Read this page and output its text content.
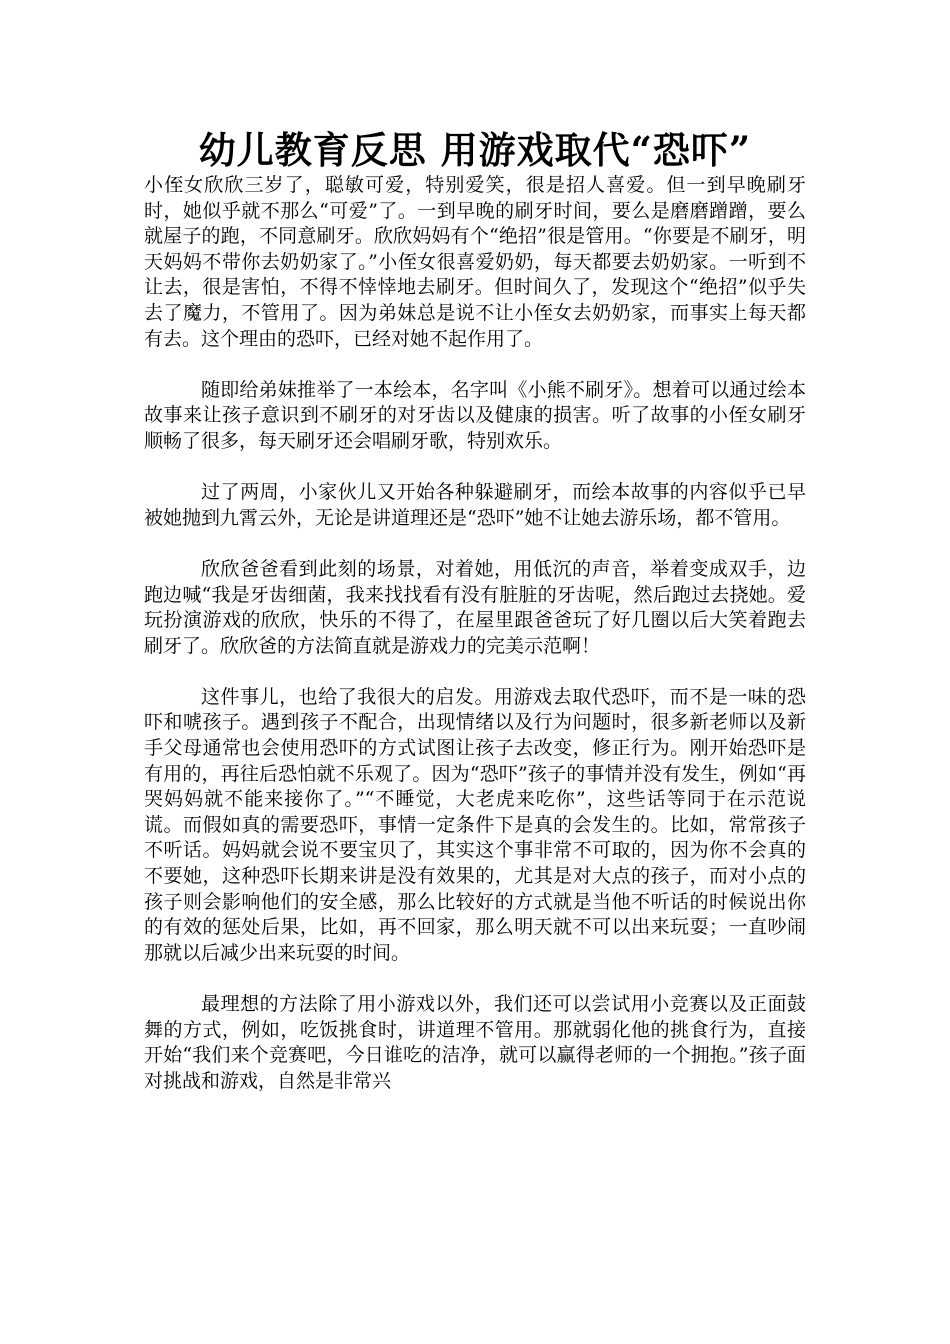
幼儿教育反思 用游戏取代“恐吓”

小侄女欣欣三岁了，聪敏可爱，特别爱笑，很是招人喜爱。但一到早晚刷牙时，她似乎就不那么“可爱”了。一到早晚的刷牙时间，要么是磨磨蹭蹭，要么就屋子的跑，不同意刷牙。欣欣妈妈有个“绝招”很是管用。“你要是不刷牙，明天妈妈不带你去奶奶家了。”小侄女很喜爱奶奶，每天都要去奶奶家。一听到不让去，很是害怕，不得不悻悻地去刷牙。但时间久了，发现这个“绝招”似乎失去了魔力，不管用了。因为弟妹总是说不让小侄女去奶奶家，而事实上每天都有去。这个理由的恐吓，已经对她不起作用了。

随即给弟妹推举了一本绘本，名字叫《小熊不刷牙》。想着可以通过绘本故事来让孩子意识到不刷牙的对牙齿以及健康的损害。听了故事的小侄女刷牙顺畅了很多，每天刷牙还会唱刷牙歌，特别欢乐。

过了两周，小家伙儿又开始各种躲避刷牙，而绘本故事的内容似乎已早被她抛到九霄云外，无论是讲道理还是“恐吓”她不让她去游乐场，都不管用。

欣欣爸爸看到此刻的场景，对着她，用低沉的声音，举着变成双手，边跑边喊“我是牙齿细菌，我来找找看有没有脏脏的牙齿呢，然后跑过去挠她。爱玩扮演游戏的欣欣，快乐的不得了，在屋里跟爸爸玩了好几圈以后大笑着跑去刷牙了。欣欣爸的方法简直就是游戏力的完美示范啊！

这件事儿，也给了我很大的启发。用游戏去取代恐吓，而不是一味的恐吓和唬孩子。遇到孩子不配合，出现情绪以及行为问题时，很多新老师以及新手父母通常也会使用恐吓的方式试图让孩子去改变，修正行为。刚开始恐吓是有用的，再往后恐怕就不乐观了。因为“恐吓”孩子的事情并没有发生，例如“再哭妈妈就不能来接你了。”“不睡觉，大老虎来吃你”，这些话等同于在示范说谎。而假如真的需要恐吓，事情一定条件下是真的会发生的。比如，常常孩子不听话。妈妈就会说不要宝贝了，其实这个事非常不可取的，因为你不会真的不要她，这种恐吓长期来讲是没有效果的，尤其是对大点的孩子，而对小点的孩子则会影响他们的安全感，那么比较好的方式就是当他不听话的时候说出你的有效的惩处后果，比如，再不回家，那么明天就不可以出来玩耍；一直吵闹那就以后减少出来玩耍的时间。

最理想的方法除了用小游戏以外，我们还可以尝试用小竞赛以及正面鼓舞的方式，例如，吃饭挑食时，讲道理不管用。那就弱化他的挑食行为，直接开始“我们来个竞赛吧，今日谁吃的洁净，就可以赢得老师的一个拥抱。”孩子面对挑战和游戏，自然是非常兴
